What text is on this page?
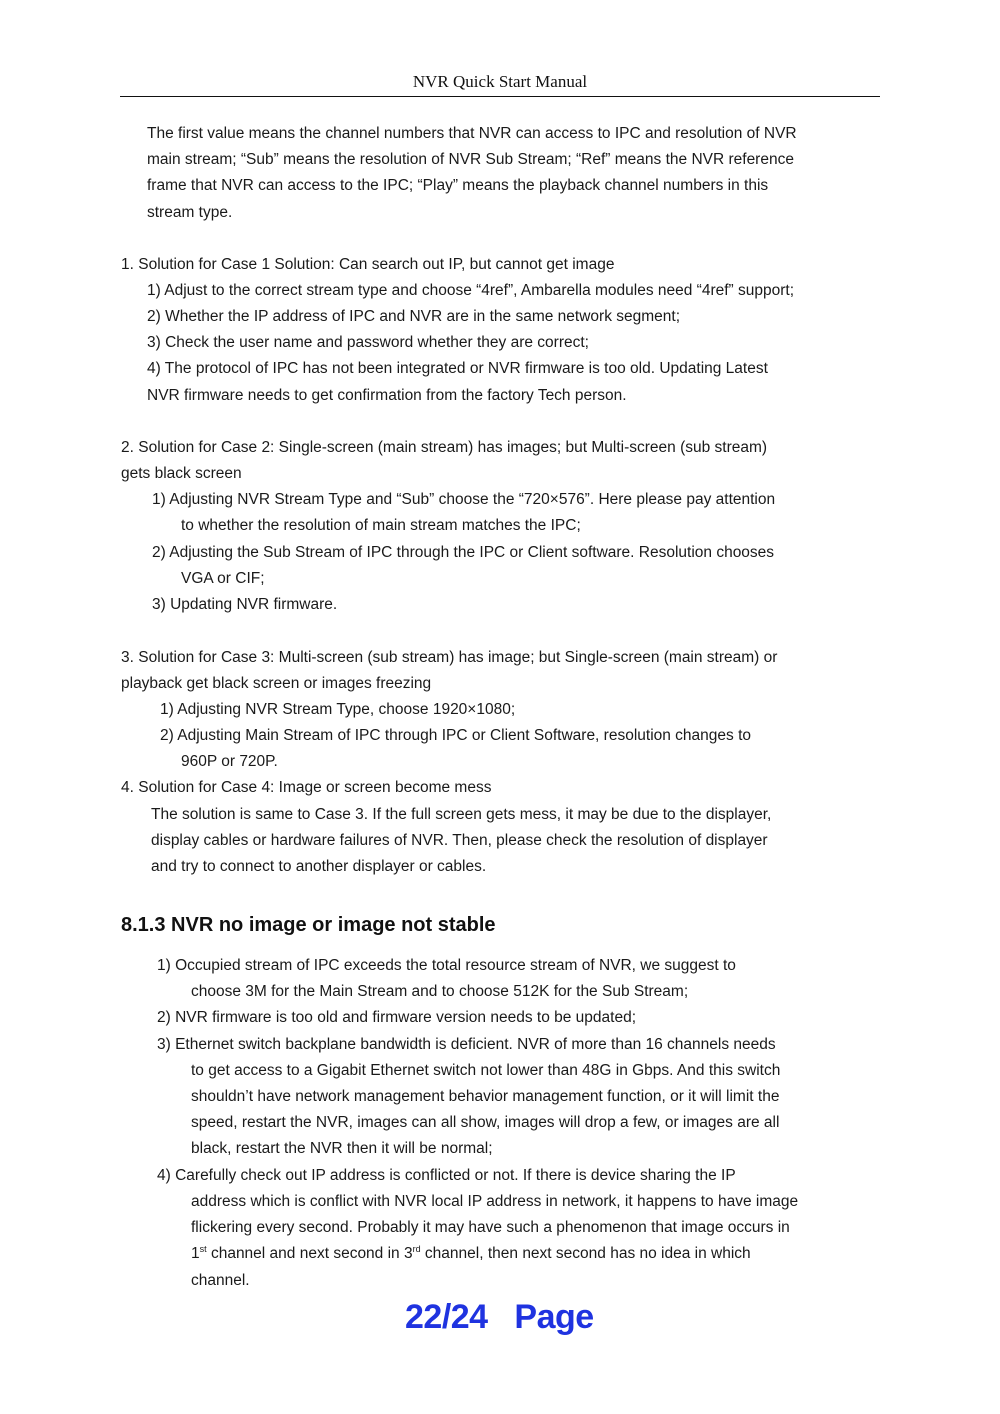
NVR Quick Start Manual
The first value means the channel numbers that NVR can access to IPC and resolution of NVR
main stream; “Sub” means the resolution of NVR Sub Stream; “Ref” means the NVR reference
frame that NVR can access to the IPC; “Play” means the playback channel numbers in this
stream type.
1. Solution for Case 1 Solution: Can search out IP, but cannot get image
1) Adjust to the correct stream type and choose “4ref”, Ambarella modules need “4ref” support;
2) Whether the IP address of IPC and NVR are in the same network segment;
3) Check the user name and password whether they are correct;
4) The protocol of IPC has not been integrated or NVR firmware is too old. Updating Latest
NVR firmware needs to get confirmation from the factory Tech person.
2. Solution for Case 2: Single-screen (main stream) has images; but Multi-screen (sub stream)
gets black screen
1) Adjusting NVR Stream Type and “Sub” choose the “720×576”. Here please pay attention
to whether the resolution of main stream matches the IPC;
2) Adjusting the Sub Stream of IPC through the IPC or Client software. Resolution chooses
VGA or CIF;
3) Updating NVR firmware.
3. Solution for Case 3: Multi-screen (sub stream) has image; but Single-screen (main stream) or
playback get black screen or images freezing
1) Adjusting NVR Stream Type, choose 1920×1080;
2) Adjusting Main Stream of IPC through IPC or Client Software, resolution changes to
960P or 720P.
4. Solution for Case 4: Image or screen become mess
The solution is same to Case 3. If the full screen gets mess, it may be due to the displayer,
display cables or hardware failures of NVR. Then, please check the resolution of displayer
and try to connect to another displayer or cables.
8.1.3 NVR no image or image not stable
1) Occupied stream of IPC exceeds the total resource stream of NVR, we suggest to
choose 3M for the Main Stream and to choose 512K for the Sub Stream;
2) NVR firmware is too old and firmware version needs to be updated;
3) Ethernet switch backplane bandwidth is deficient. NVR of more than 16 channels needs
to get access to a Gigabit Ethernet switch not lower than 48G in Gbps. And this switch
shouldn’t have network management behavior management function, or it will limit the
speed, restart the NVR, images can all show, images will drop a few, or images are all
black, restart the NVR then it will be normal;
4) Carefully check out IP address is conflicted or not. If there is device sharing the IP
address which is conflict with NVR local IP address in network, it happens to have image
flickering every second. Probably it may have such a phenomenon that image occurs in
1st channel and next second in 3rd channel, then next second has no idea in which
channel.
22/24   Page
